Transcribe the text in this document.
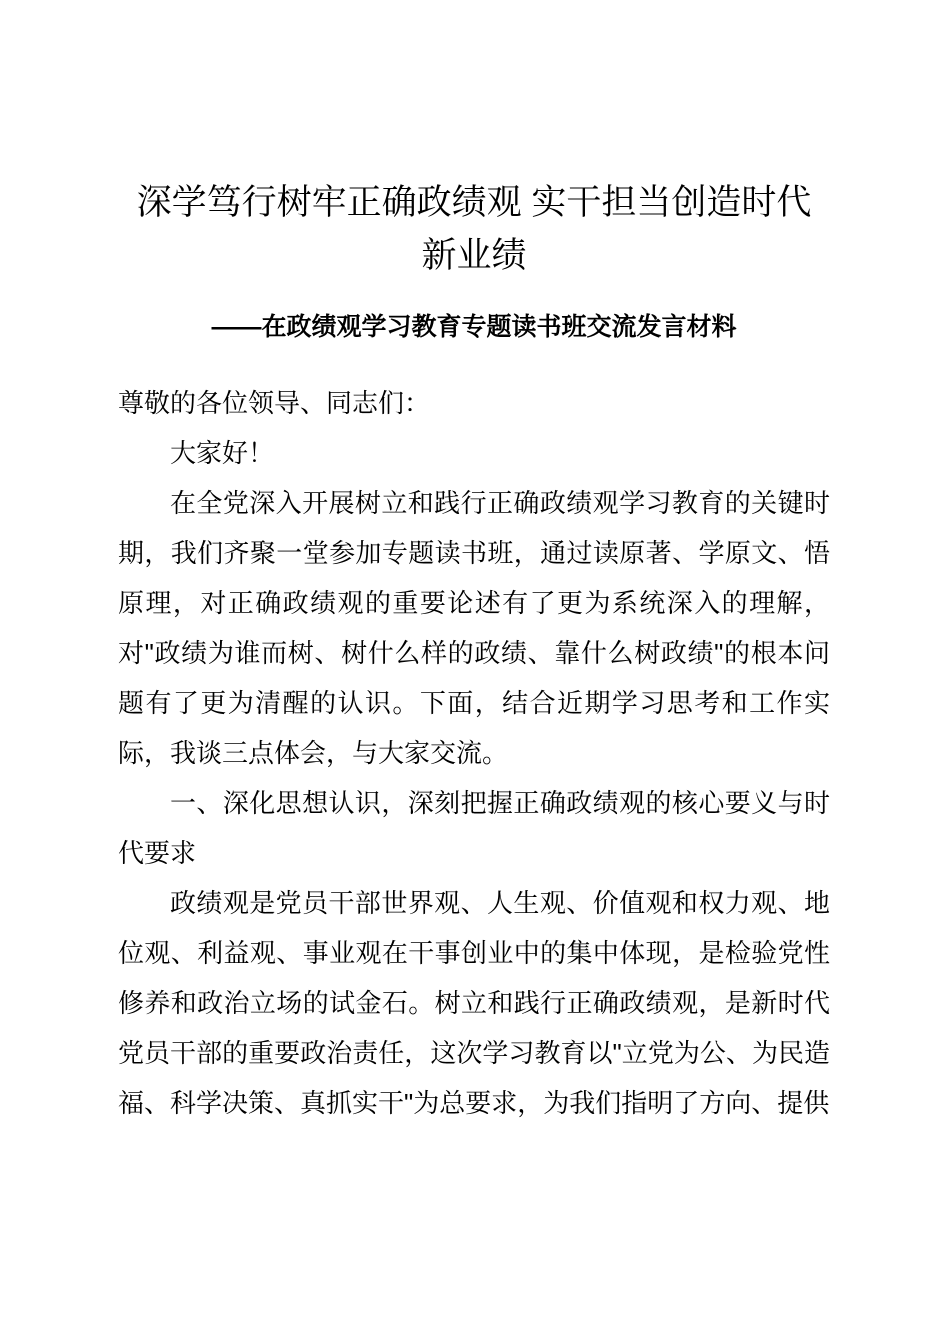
深学笃行树牢正确政绩观 实干担当创造时代新业绩
——在政绩观学习教育专题读书班交流发言材料

尊敬的各位领导、同志们：

大家好！

在全党深入开展树立和践行正确政绩观学习教育的关键时期，我们齐聚一堂参加专题读书班，通过读原著、学原文、悟原理，对正确政绩观的重要论述有了更为系统深入的理解，对"政绩为谁而树、树什么样的政绩、靠什么树政绩"的根本问题有了更为清醒的认识。下面，结合近期学习思考和工作实际，我谈三点体会，与大家交流。

一、深化思想认识，深刻把握正确政绩观的核心要义与时代要求

政绩观是党员干部世界观、人生观、价值观和权力观、地位观、利益观、事业观在干事创业中的集中体现，是检验党性修养和政治立场的试金石。树立和践行正确政绩观，是新时代党员干部的重要政治责任，这次学习教育以"立党为公、为民造福、科学决策、真抓实干"为总要求，为我们指明了方向、提供
